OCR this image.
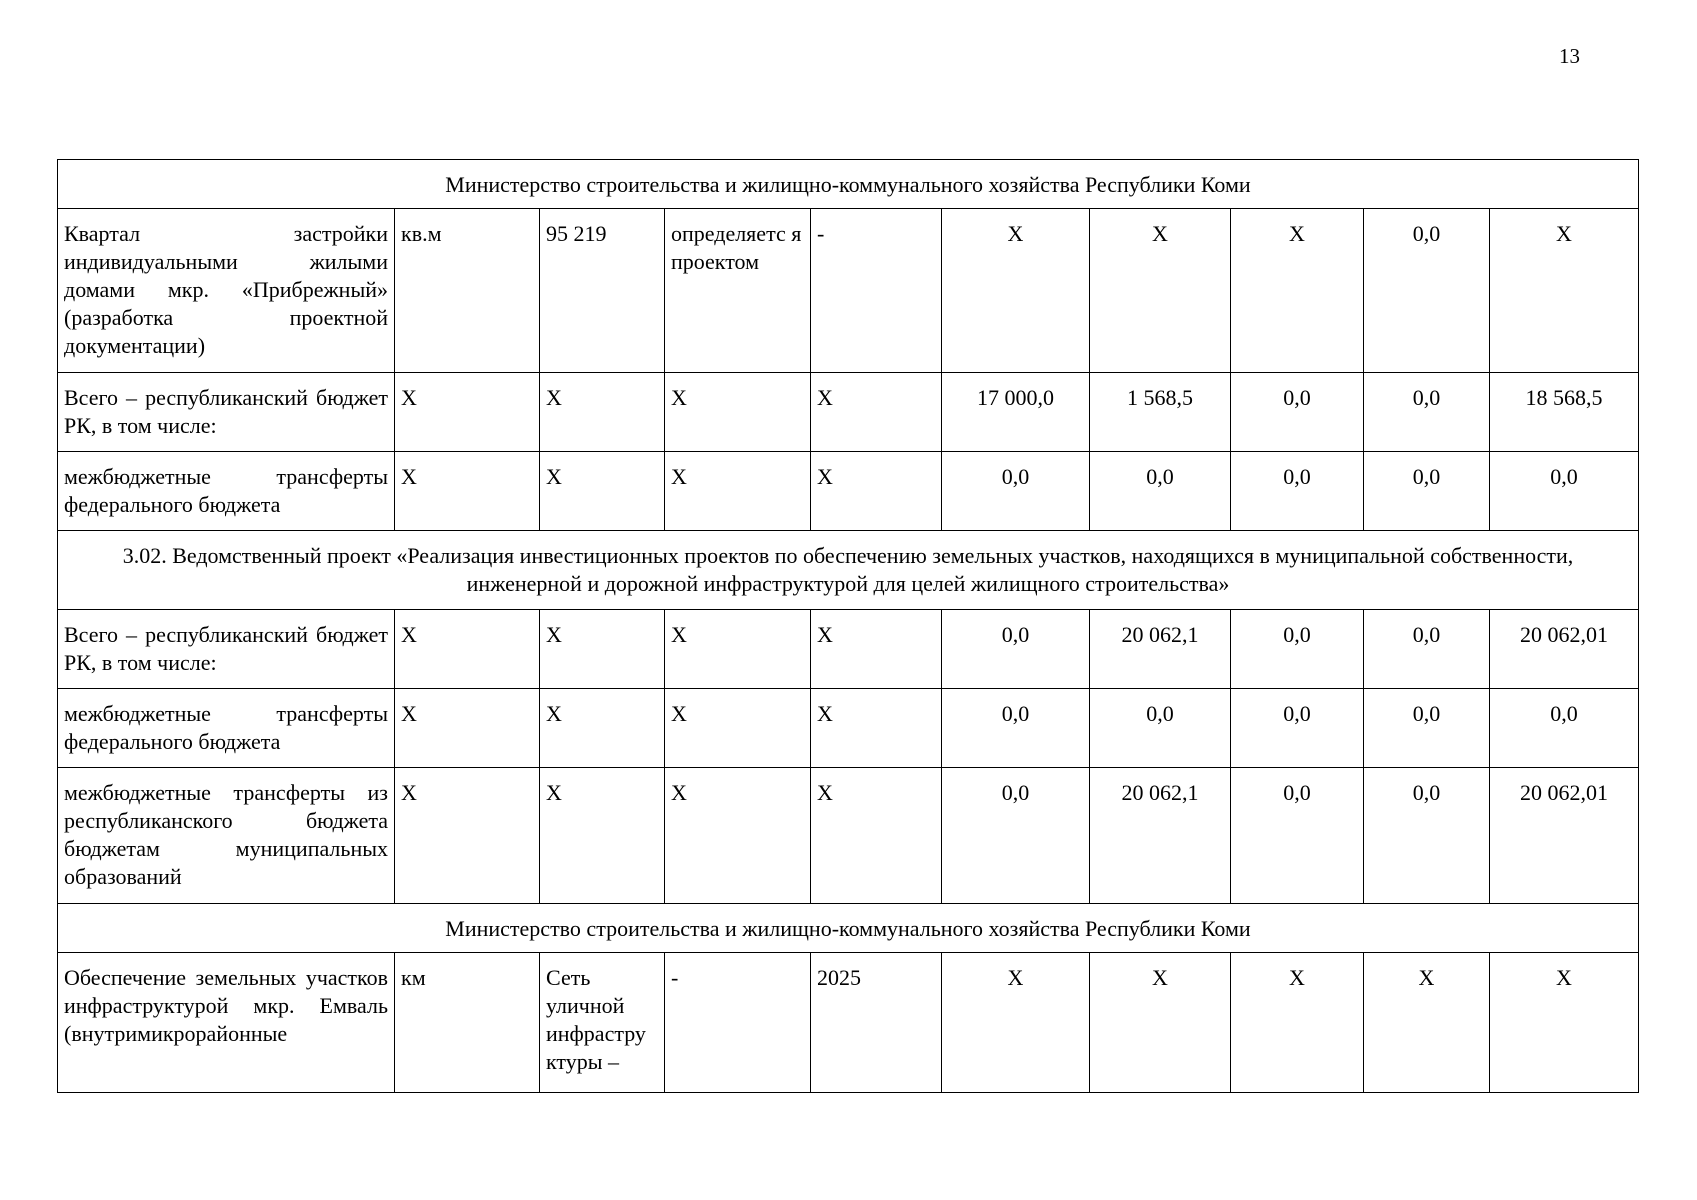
13
Министерство строительства и жилищно-коммунального хозяйства Республики Коми									
Квартал застройки индивидуальными жилыми домами мкр. «Прибрежный» (разработка проектной документации)	кв.м	95 219	определяетс я проектом	-	X	X	X	0,0	X
Всего – республиканский бюджет РК, в том числе:	X	X	X	X	17 000,0	1 568,5	0,0	0,0	18 568,5
межбюджетные трансферты федерального бюджета	X	X	X	X	0,0	0,0	0,0	0,0	0,0
3.02. Ведомственный проект «Реализация инвестиционных проектов по обеспечению земельных участков, находящихся в муниципальной собственности, инженерной и дорожной инфраструктурой для целей жилищного строительства»									
Всего – республиканский бюджет РК, в том числе:	X	X	X	X	0,0	20 062,1	0,0	0,0	20 062,01
межбюджетные трансферты федерального бюджета	X	X	X	X	0,0	0,0	0,0	0,0	0,0
межбюджетные трансферты из республиканского бюджета бюджетам муниципальных образований	X	X	X	X	0,0	20 062,1	0,0	0,0	20 062,01
Министерство строительства и жилищно-коммунального хозяйства Республики Коми									
Обеспечение земельных участков инфраструктурой мкр. Емваль (внутримикрорайонные	км	Сеть уличной инфрастру ктуры –	-	2025	X	X	X	X	X
